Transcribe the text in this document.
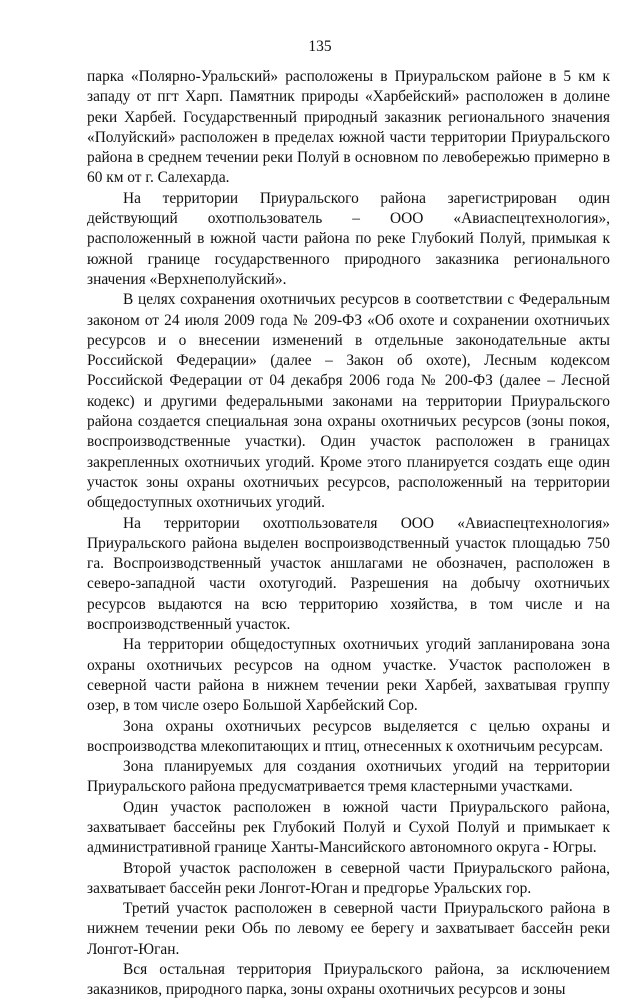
135

парка «Полярно-Уральский» расположены в Приуральском районе в 5 км к западу от пгт Харп. Памятник природы «Харбейский» расположен в долине реки Харбей. Государственный природный заказник регионального значения «Полуйский» расположен в пределах южной части территории Приуральского района в среднем течении реки Полуй в основном по левобережью примерно в 60 км от г. Салехарда.

На территории Приуральского района зарегистрирован один действующий охотпользователь – ООО «Авиаспецтехнология», расположенный в южной части района по реке Глубокий Полуй, примыкая к южной границе государственного природного заказника регионального значения «Верхнеполуйский».

В целях сохранения охотничьих ресурсов в соответствии с Федеральным законом от 24 июля 2009 года № 209-ФЗ «Об охоте и сохранении охотничьих ресурсов и о внесении изменений в отдельные законодательные акты Российской Федерации» (далее – Закон об охоте), Лесным кодексом Российской Федерации от 04 декабря 2006 года № 200-ФЗ (далее – Лесной кодекс) и другими федеральными законами на территории Приуральского района создается специальная зона охраны охотничьих ресурсов (зоны покоя, воспроизводственные участки). Один участок расположен в границах закрепленных охотничьих угодий. Кроме этого планируется создать еще один участок зоны охраны охотничьих ресурсов, расположенный на территории общедоступных охотничьих угодий.

На территории охотпользователя ООО «Авиаспецтехнология» Приуральского района выделен воспроизводственный участок площадью 750 га. Воспроизводственный участок аншлагами не обозначен, расположен в северо-западной части охотугодий. Разрешения на добычу охотничьих ресурсов выдаются на всю территорию хозяйства, в том числе и на воспроизводственный участок.

На территории общедоступных охотничьих угодий запланирована зона охраны охотничьих ресурсов на одном участке. Участок расположен в северной части района в нижнем течении реки Харбей, захватывая группу озер, в том числе озеро Большой Харбейский Сор.

Зона охраны охотничьих ресурсов выделяется с целью охраны и воспроизводства млекопитающих и птиц, отнесенных к охотничьим ресурсам.

Зона планируемых для создания охотничьих угодий на территории Приуральского района предусматривается тремя кластерными участками.

Один участок расположен в южной части Приуральского района, захватывает бассейны рек Глубокий Полуй и Сухой Полуй и примыкает к административной границе Ханты-Мансийского автономного округа - Югры.

Второй участок расположен в северной части Приуральского района, захватывает бассейн реки Лонгот-Юган и предгорье Уральских гор.

Третий участок расположен в северной части Приуральского района в нижнем течении реки Обь по левому ее берегу и захватывает бассейн реки Лонгот-Юган.

Вся остальная территория Приуральского района, за исключением заказников, природного парка, зоны охраны охотничьих ресурсов и зоны
